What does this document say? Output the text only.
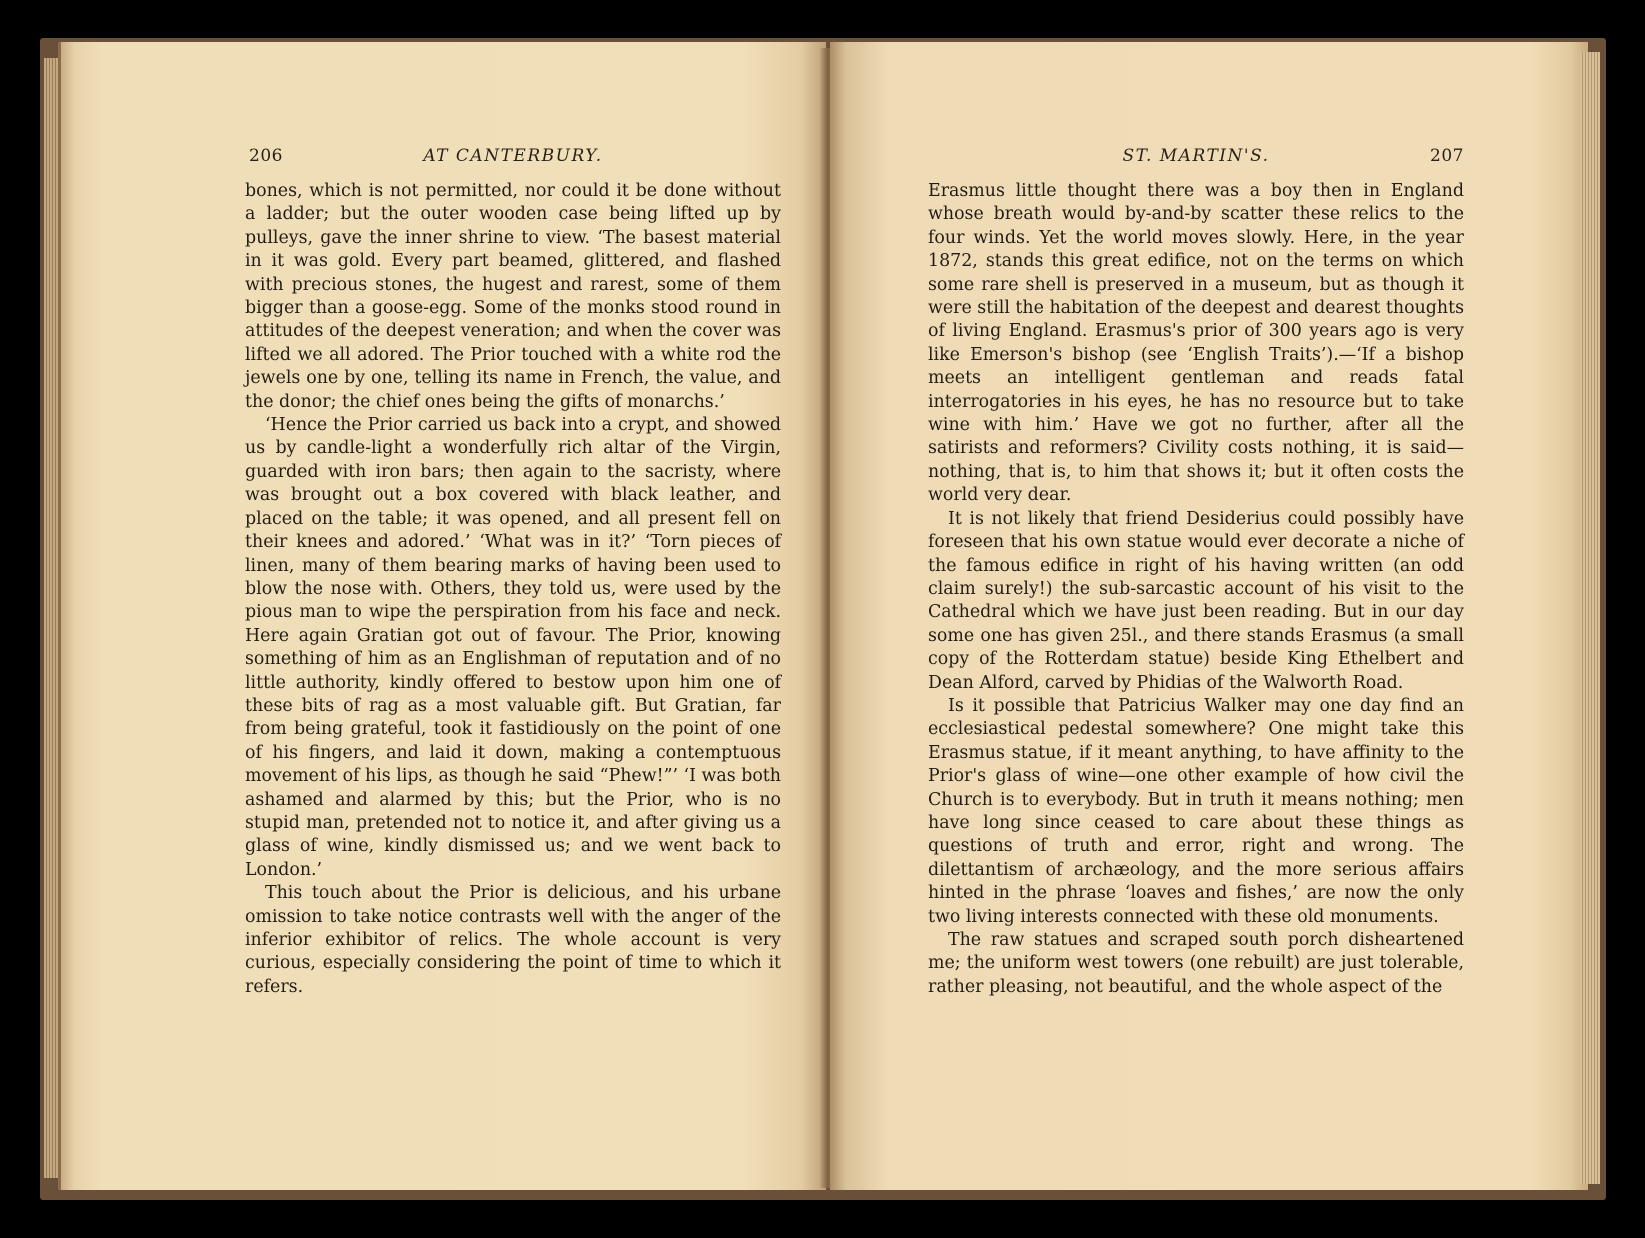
206	AT CANTERBURY.

bones, which is not permitted, nor could it be done without a ladder; but the outer wooden case being lifted up by pulleys, gave the inner shrine to view. ‘The basest material in it was gold. Every part beamed, glittered, and flashed with precious stones, the hugest and rarest, some of them bigger than a goose-egg. Some of the monks stood round in attitudes of the deepest veneration; and when the cover was lifted we all adored. The Prior touched with a white rod the jewels one by one, telling its name in French, the value, and the donor; the chief ones being the gifts of monarchs.’

‘Hence the Prior carried us back into a crypt, and showed us by candle-light a wonderfully rich altar of the Virgin, guarded with iron bars; then again to the sacristy, where was brought out a box covered with black leather, and placed on the table; it was opened, and all present fell on their knees and adored.’ ‘What was in it?’ ‘Torn pieces of linen, many of them bearing marks of having been used to blow the nose with. Others, they told us, were used by the pious man to wipe the perspiration from his face and neck. Here again Gratian got out of favour. The Prior, knowing something of him as an Englishman of reputation and of no little authority, kindly offered to bestow upon him one of these bits of rag as a most valuable gift. But Gratian, far from being grateful, took it fastidiously on the point of one of his fingers, and laid it down, making a contemptuous movement of his lips, as though he said “Phew!”’ ‘I was both ashamed and alarmed by this; but the Prior, who is no stupid man, pretended not to notice it, and after giving us a glass of wine, kindly dismissed us; and we went back to London.’

This touch about the Prior is delicious, and his urbane omission to take notice contrasts well with the anger of the inferior exhibitor of relics. The whole account is very curious, especially considering the point of time to which it refers.

ST. MARTIN'S.	207

Erasmus little thought there was a boy then in England whose breath would by-and-by scatter these relics to the four winds. Yet the world moves slowly. Here, in the year 1872, stands this great edifice, not on the terms on which some rare shell is preserved in a museum, but as though it were still the habitation of the deepest and dearest thoughts of living England. Erasmus's prior of 300 years ago is very like Emerson's bishop (see ‘English Traits’).—‘If a bishop meets an intelligent gentleman and reads fatal interrogatories in his eyes, he has no resource but to take wine with him.’ Have we got no further, after all the satirists and reformers? Civility costs nothing, it is said—nothing, that is, to him that shows it; but it often costs the world very dear.

It is not likely that friend Desiderius could possibly have foreseen that his own statue would ever decorate a niche of the famous edifice in right of his having written (an odd claim surely!) the sub-sarcastic account of his visit to the Cathedral which we have just been reading. But in our day some one has given 25l., and there stands Erasmus (a small copy of the Rotterdam statue) beside King Ethelbert and Dean Alford, carved by Phidias of the Walworth Road.

Is it possible that Patricius Walker may one day find an ecclesiastical pedestal somewhere? One might take this Erasmus statue, if it meant anything, to have affinity to the Prior's glass of wine—one other example of how civil the Church is to everybody. But in truth it means nothing; men have long since ceased to care about these things as questions of truth and error, right and wrong. The dilettantism of archæology, and the more serious affairs hinted in the phrase ‘loaves and fishes,’ are now the only two living interests connected with these old monuments.

The raw statues and scraped south porch disheartened me; the uniform west towers (one rebuilt) are just tolerable, rather pleasing, not beautiful, and the whole aspect of the
